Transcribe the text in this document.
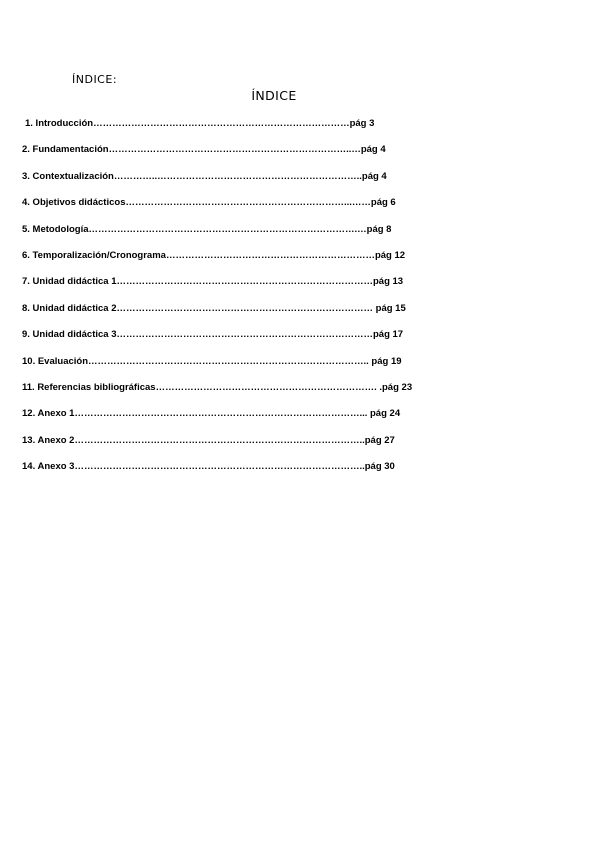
ÍNDICE:
ÍNDICE
1. Introducción………………………………………………………………………pág 3
2. Fundamentación…………………………………………………………………..…pág 4
3. Contextualización…………..………………………………………………………..pág 4
4. Objetivos didácticos……………………………………………………………...……pág 6
5. Metodología………………………………………………………………………….…pág 8
6. Temporalización/Cronograma…………………………………………………………pág 12
7. Unidad didáctica 1………………………………………………………………………pág 13
8. Unidad didáctica 2……………………………………………………………………… pág 15
9. Unidad didáctica 3………………………………………………………………………pág 17
10. Evaluación…………………………………………………………………………….. pág 19
11. Referencias bibliográficas……………………………………………………………. .pág 23
12. Anexo 1………………………………………………………………………………... pág 24
13. Anexo 2………………………………………………………………………………..pág 27
14. Anexo 3………………………………………………………………………………..pág 30
